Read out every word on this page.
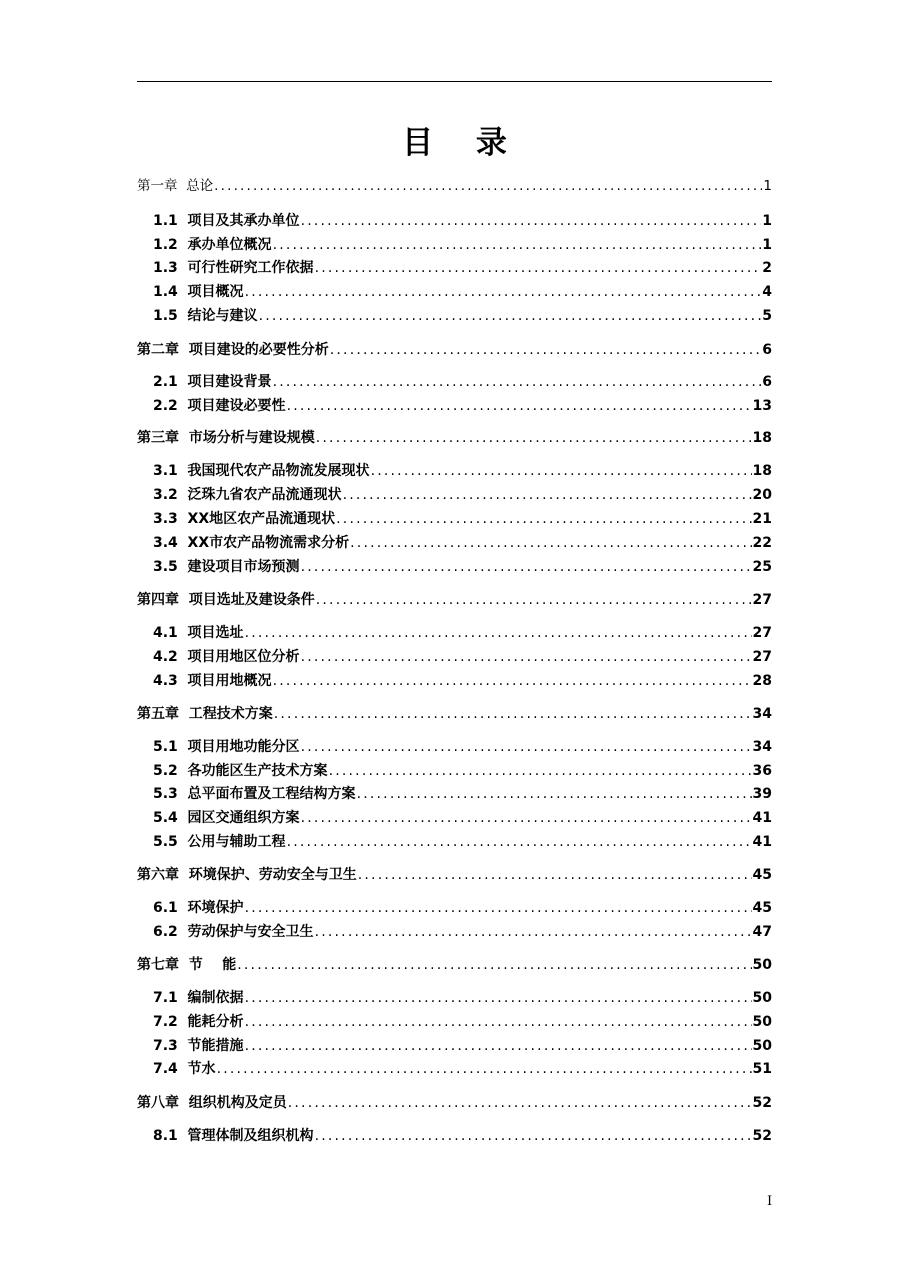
目 录
第一章  总论 .....	1
1.1  项目及其承办单位 .....	1
1.2  承办单位概况 .....	1
1.3  可行性研究工作依据 .....	2
1.4  项目概况 .....	4
1.5  结论与建议 .....	5
第二章  项目建设的必要性分析 .....	6
2.1  项目建设背景 .....	6
2.2  项目建设必要性 .....	13
第三章  市场分析与建设规模 .....	18
3.1  我国现代农产品物流发展现状 .....	18
3.2  泛珠九省农产品流通现状 .....	20
3.3  XX地区农产品流通现状 .....	21
3.4  XX市农产品物流需求分析 .....	22
3.5  建设项目市场预测 .....	25
第四章  项目选址及建设条件 .....	27
4.1  项目选址 .....	27
4.2  项目用地区位分析 .....	27
4.3  项目用地概况 .....	28
第五章  工程技术方案 .....	34
5.1  项目用地功能分区 .....	34
5.2  各功能区生产技术方案 .....	36
5.3  总平面布置及工程结构方案 .....	39
5.4  园区交通组织方案 .....	41
5.5  公用与辅助工程 .....	41
第六章  环境保护、劳动安全与卫生 .....	45
6.1  环境保护 .....	45
6.2  劳动保护与安全卫生 .....	47
第七章  节    能 .....	50
7.1  编制依据 .....	50
7.2  能耗分析 .....	50
7.3  节能措施 .....	50
7.4  节水 .....	51
第八章  组织机构及定员 .....	52
8.1  管理体制及组织机构 .....	52
I
